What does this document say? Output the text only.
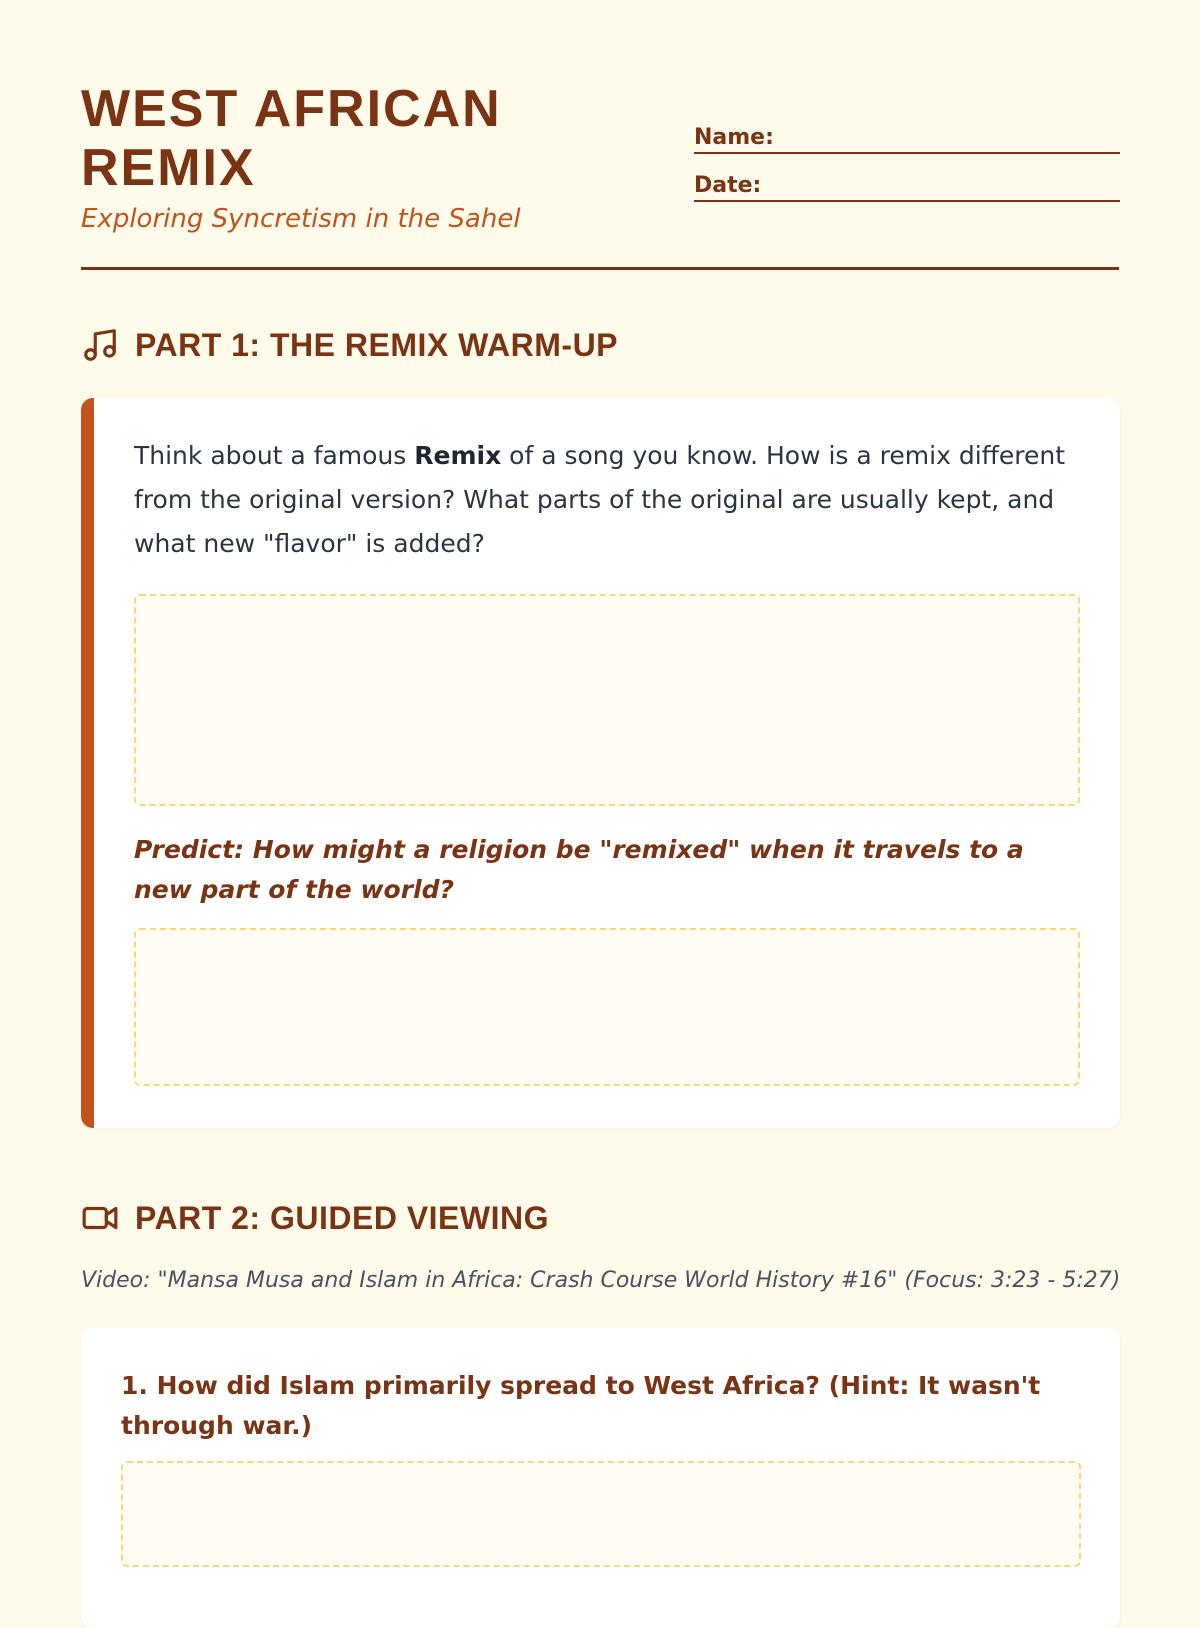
WEST AFRICAN REMIX
Exploring Syncretism in the Sahel
Name:
Date:
PART 1: THE REMIX WARM-UP

Think about a famous Remix of a song you know. How is a remix different from the original version? What parts of the original are usually kept, and what new "flavor" is added?

Predict: How might a religion be "remixed" when it travels to a new part of the world?

PART 2: GUIDED VIEWING
Video: "Mansa Musa and Islam in Africa: Crash Course World History #16" (Focus: 3:23 - 5:27)

1. How did Islam primarily spread to West Africa? (Hint: It wasn't through war.)
